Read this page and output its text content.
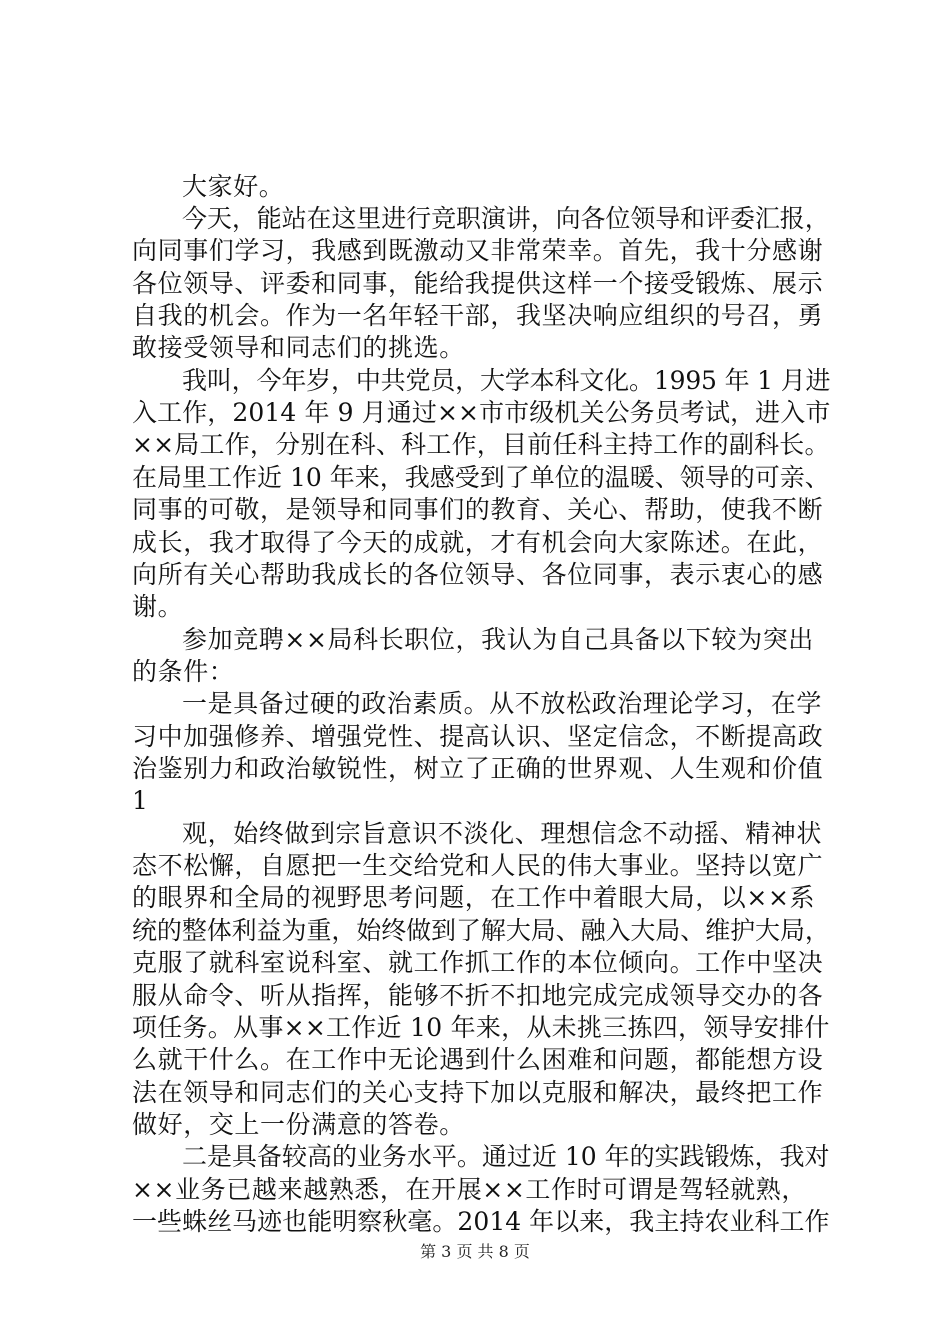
大家好。
今天，能站在这里进行竞职演讲，向各位领导和评委汇报，
向同事们学习，我感到既激动又非常荣幸。首先，我十分感谢
各位领导、评委和同事，能给我提供这样一个接受锻炼、展示
自我的机会。作为一名年轻干部，我坚决响应组织的号召，勇
敢接受领导和同志们的挑选。
我叫，今年岁，中共党员，大学本科文化。1995 年 1 月进
入工作，2014 年 9 月通过××市市级机关公务员考试，进入市
××局工作，分别在科、科工作，目前任科主持工作的副科长。
在局里工作近 10 年来，我感受到了单位的温暖、领导的可亲、
同事的可敬，是领导和同事们的教育、关心、帮助，使我不断
成长，我才取得了今天的成就，才有机会向大家陈述。在此，
向所有关心帮助我成长的各位领导、各位同事，表示衷心的感
谢。
参加竞聘××局科长职位，我认为自己具备以下较为突出
的条件：
一是具备过硬的政治素质。从不放松政治理论学习，在学
习中加强修养、增强党性、提高认识、坚定信念，不断提高政
治鉴别力和政治敏锐性，树立了正确的世界观、人生观和价值
1
观，始终做到宗旨意识不淡化、理想信念不动摇、精神状
态不松懈，自愿把一生交给党和人民的伟大事业。坚持以宽广
的眼界和全局的视野思考问题，在工作中着眼大局，以××系
统的整体利益为重，始终做到了解大局、融入大局、维护大局，
克服了就科室说科室、就工作抓工作的本位倾向。工作中坚决
服从命令、听从指挥，能够不折不扣地完成完成领导交办的各
项任务。从事××工作近 10 年来，从未挑三拣四，领导安排什
么就干什么。在工作中无论遇到什么困难和问题，都能想方设
法在领导和同志们的关心支持下加以克服和解决，最终把工作
做好，交上一份满意的答卷。
二是具备较高的业务水平。通过近 10 年的实践锻炼，我对
××业务已越来越熟悉，在开展××工作时可谓是驾轻就熟，
一些蛛丝马迹也能明察秋毫。2014 年以来，我主持农业科工作
第 3 页 共 8 页
